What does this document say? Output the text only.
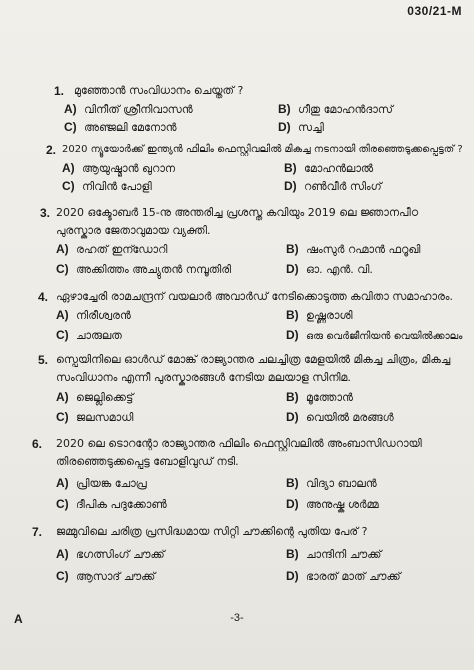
030/21-M
1. മുഞ്ഞോൻ സംവിധാനം ചെയ്തത് ?
A) വിനീത് ശ്രീനിവാസൻ	B) ഗീതു മോഹൻദാസ്
C) അഞ്ജലി മേനോൻ	D) സച്ചി
2. 2020 ന്യൂയോർക്ക് ഇന്ത്യൻ ഫിലിം ഫെസ്റ്റിവലിൽ മികച്ച നടനായി തിരഞ്ഞെടുക്കപ്പെട്ടത് ?
A) ആയുഷ്മാൻ ഖുറാന	B) മോഹൻലാൽ
C) നിവിൻ പോളി	D) റൺവീർ സിംഗ്
3. 2020 ഒക്ടോബർ 15-നു അന്തരിച്ച പ്രശസ്ത കവിയും 2019 ലെ ജ്ഞാനപീഠ പുരസ്കാര ജേതാവുമായ വ്യക്തി.
A) രഹത് ഇന്ഡോറി	B) ഷംസുർ റഹ്മാൻ ഫറൂഖി
C) അക്കിത്തം അച്യുതൻ നമ്പൂതിരി	D) ഓ. എൻ. വി.
4. ഏഴാച്ചേരി രാമചന്ദ്രന് വയലാർ അവാർഡ് നേടിക്കൊടുത്ത കവിതാ സമാഹാരം.
A) നിരീശ്വരൻ	B) ഉഷ്ണരാശി
C) ചാരുലത	D) ഒരു വെർജീനിയൻ വെയിൽക്കാലം
5. സ്പെയിനിലെ ഓൾഡ് മോങ്ക് രാജ്യാന്തര ചലച്ചിത്ര മേളയിൽ മികച്ച ചിത്രം, മികച്ച സംവിധാനം എന്നീ പുരസ്കാരങ്ങൾ നേടിയ മലയാള സിനിമ.
A) ജെല്ലിക്കെട്ട്	B) മൂത്തോൻ
C) ജലസമാധി	D) വെയിൽ മരങ്ങൾ
6. 2020 ലെ ടൊറന്റോ രാജ്യാന്തര ഫിലിം ഫെസ്റ്റിവലിൽ അംബാസിഡറായി തിരഞ്ഞെടുക്കപ്പെട്ട ബോളിവുഡ് നടി.
A) പ്രിയങ്ക ചോപ്ര	B) വിദ്യാ ബാലൻ
C) ദീപിക പദുക്കോൺ	D) അനുഷ്ക ശർമ്മ
7. ജമ്മുവിലെ ചരിത്ര പ്രസിദ്ധമായ സിറ്റി ചൗക്കിന്റെ പുതിയ പേര് ?
A) ഭഗത്സിംഗ് ചൗക്ക്	B) ചാന്ദിനി ചൗക്ക്
C) ആസാദ് ചൗക്ക്	D) ഭാരത് മാത് ചൗക്ക്
A	-3-
